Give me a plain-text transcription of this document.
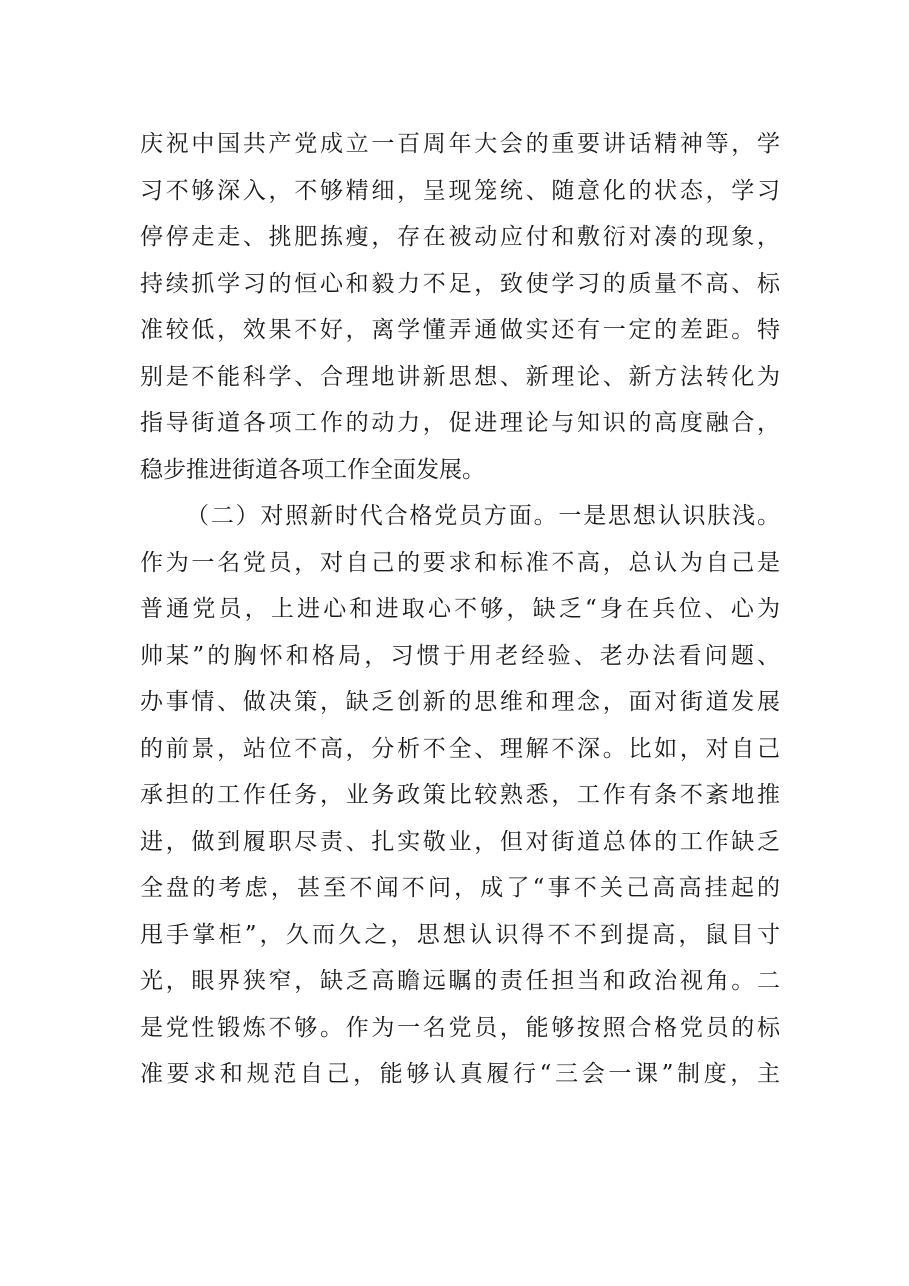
庆祝中国共产党成立一百周年大会的重要讲话精神等，学
习不够深入，不够精细，呈现笼统、随意化的状态，学习
停停走走、挑肥拣瘦，存在被动应付和敷衍对凑的现象，
持续抓学习的恒心和毅力不足，致使学习的质量不高、标
准较低，效果不好，离学懂弄通做实还有一定的差距。特
别是不能科学、合理地讲新思想、新理论、新方法转化为
指导街道各项工作的动力，促进理论与知识的高度融合，
稳步推进街道各项工作全面发展。
（二）对照新时代合格党员方面。一是思想认识肤浅。
作为一名党员，对自己的要求和标准不高，总认为自己是
普通党员，上进心和进取心不够，缺乏“身在兵位、心为
帅某”的胸怀和格局，习惯于用老经验、老办法看问题、
办事情、做决策，缺乏创新的思维和理念，面对街道发展
的前景，站位不高，分析不全、理解不深。比如，对自己
承担的工作任务，业务政策比较熟悉，工作有条不紊地推
进，做到履职尽责、扎实敬业，但对街道总体的工作缺乏
全盘的考虑，甚至不闻不问，成了“事不关己高高挂起的
甩手掌柜”，久而久之，思想认识得不不到提高，鼠目寸
光，眼界狭窄，缺乏高瞻远瞩的责任担当和政治视角。二
是党性锻炼不够。作为一名党员，能够按照合格党员的标
准要求和规范自己，能够认真履行“三会一课”制度，主
